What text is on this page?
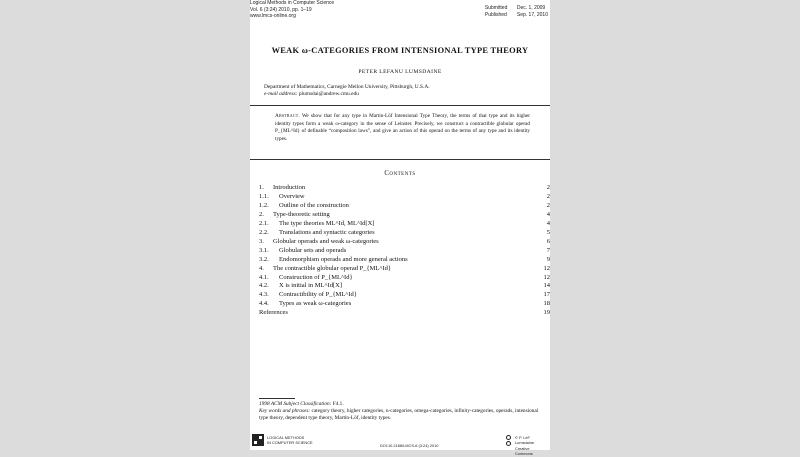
Logical Methods in Computer Science
Vol. 6 (3:24) 2010, pp. 1–19
www.lmcs-online.org
Submitted	Dec. 1, 2009
Published	Sep. 17, 2010
WEAK ω-CATEGORIES FROM INTENSIONAL TYPE THEORY
PETER LEFANU LUMSDAINE
Department of Mathematics, Carnegie Mellon University, Pittsburgh, U.S.A.
e-mail address: plumsdai@andrew.cmu.edu
Abstract. We show that for any type in Martin-Löf Intensional Type Theory, the terms of that type and its higher identity types form a weak ω-category in the sense of Leinster. Precisely, we construct a contractible globular operad P_{ML^Id} of definable “composition laws”, and give an action of this operad on the terms of any type and its identity types.
Contents
1. Introduction	2
1.1. Overview	2
1.2. Outline of the construction	2
2. Type-theoretic setting	4
2.1. The type theories ML^Id, ML^Id[X]	4
2.2. Translations and syntactic categories	5
3. Globular operads and weak ω-categories	6
3.1. Globular sets and operads	7
3.2. Endomorphism operads and more general actions	9
4. The contractible globular operad P_{ML^Id}	12
4.1. Construction of P_{ML^Id}	12
4.2. X is initial in ML^Id[X]	14
4.3. Contractibility of P_{ML^Id}	17
4.4. Types as weak ω-categories	18
References	19
1998 ACM Subject Classification: F4.1.
Key words and phrases: category theory, higher categories, n-categories, omega-categories, infinity-categories, operads, intensional type theory, dependent type theory, Martin-Löf, identity types.
LOGICAL METHODS
IN COMPUTER SCIENCE
DOI:10.2168/LMCS-6 (3:24) 2010
© P. LeF. Lumsdaine
Creative Commons
